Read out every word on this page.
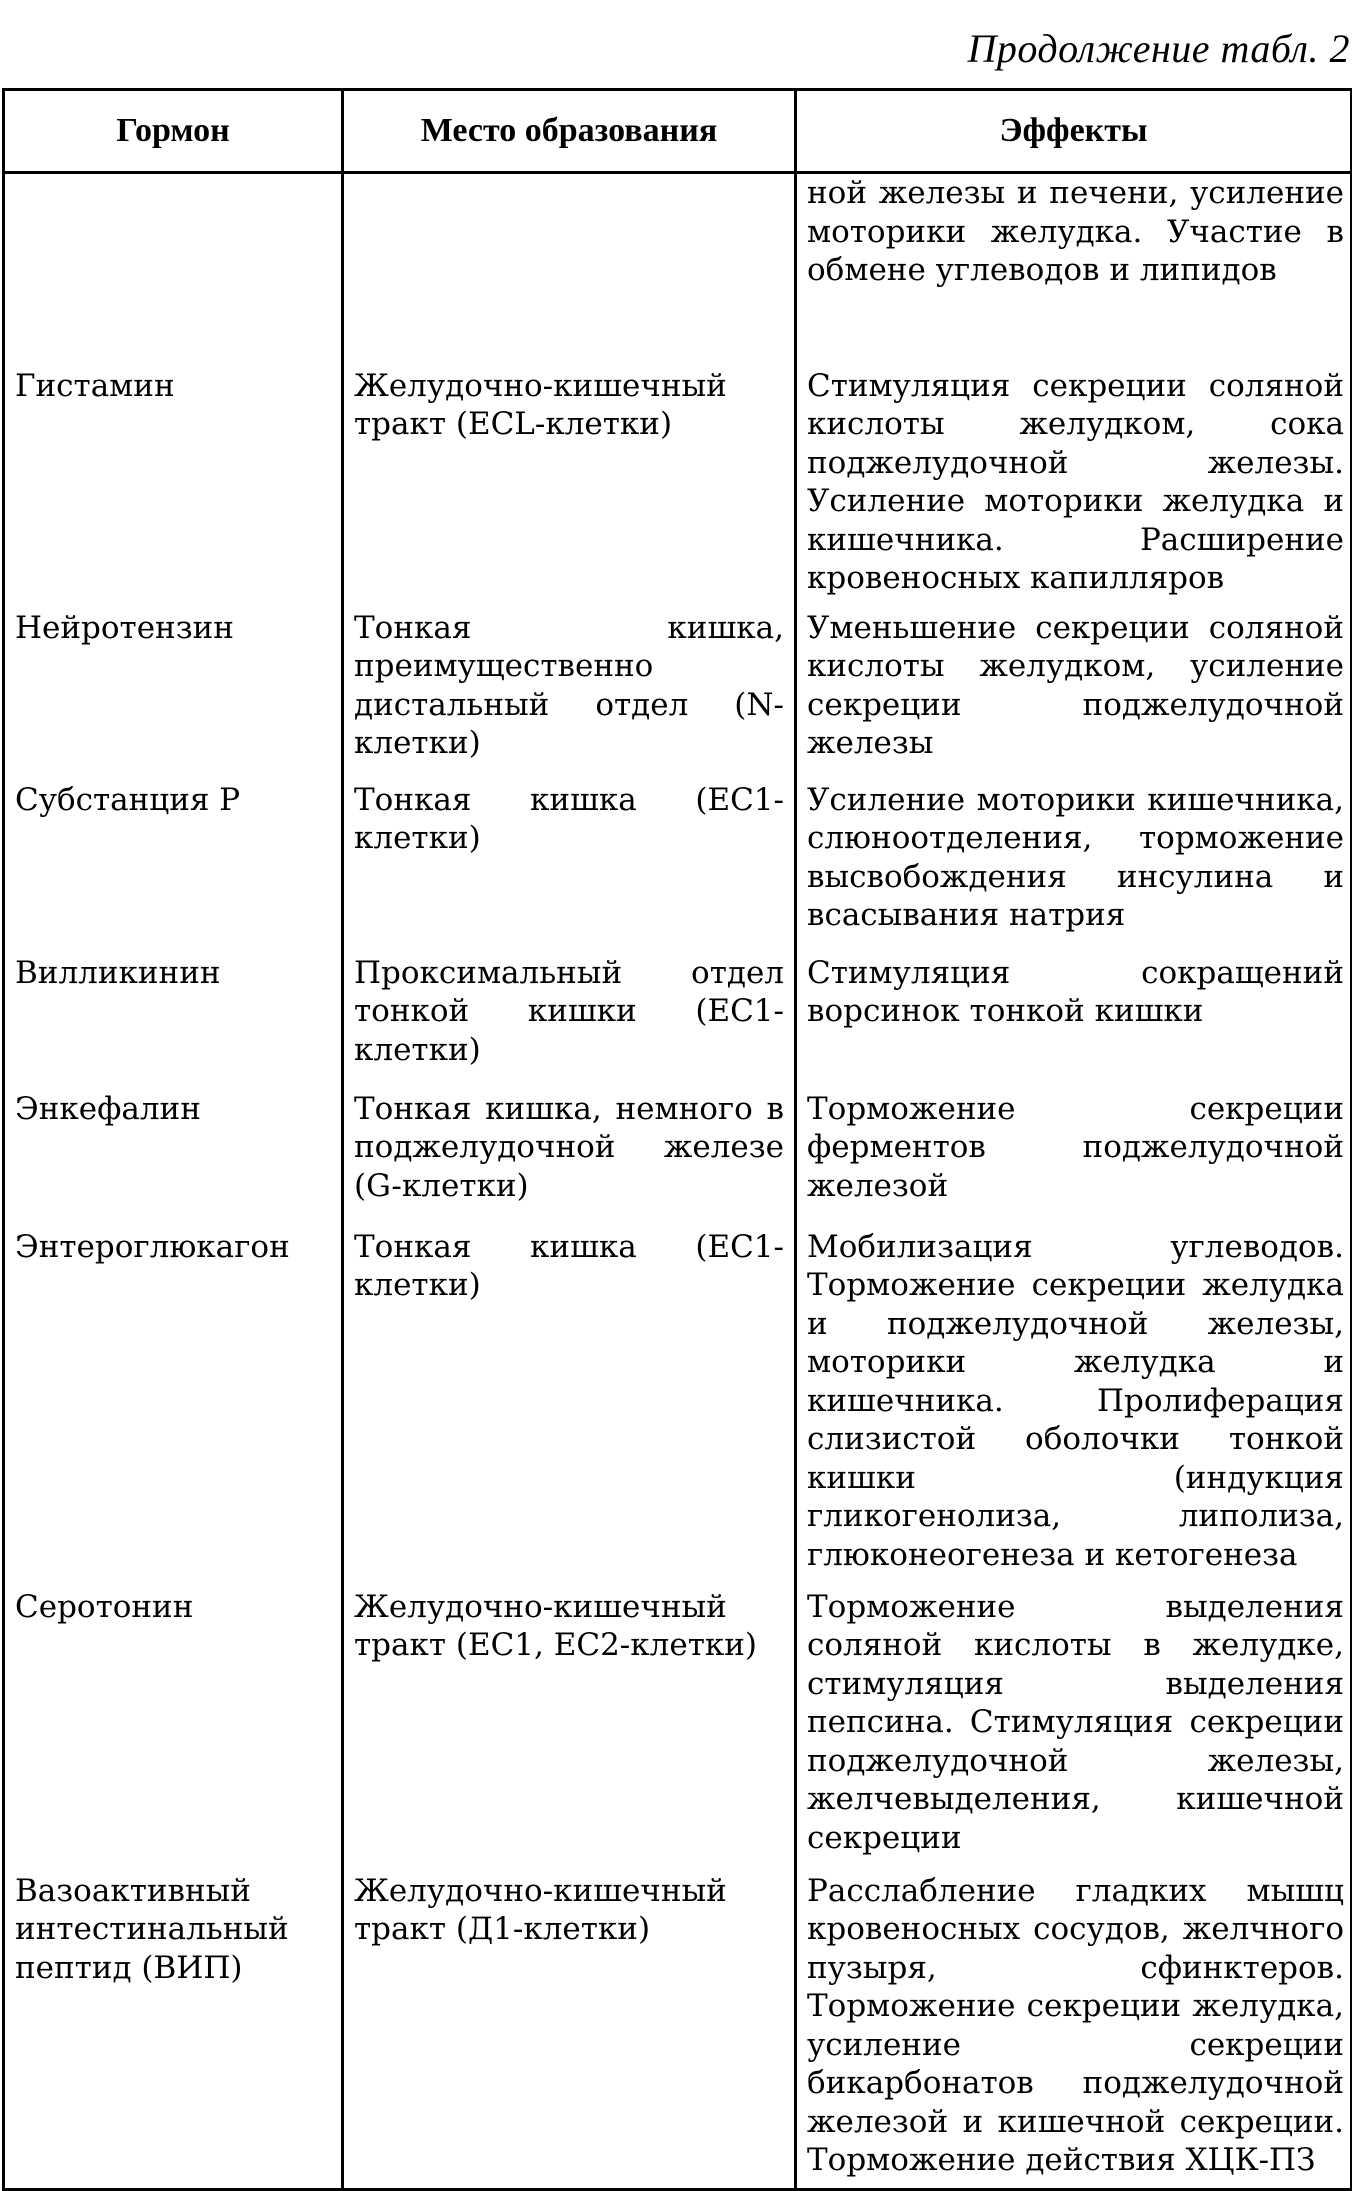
Продолжение табл. 2
Гормон	Место образования	Эффекты
		ной железы и печени, усиление моторики желудка. Участие в обмене углеводов и липидов
Гистамин	Желудочно-кишечный тракт (ECL-клетки)	Стимуляция секреции соляной кислоты желудком, сока поджелудочной железы. Усиление моторики желудка и кишечника. Расширение кровеносных капилляров
Нейротензин	Тонкая кишка, преимущественно дистальный отдел (N-клетки)	Уменьшение секреции соляной кислоты желудком, усиление секреции поджелудочной железы
Субстанция Р	Тонкая кишка (EC1-клетки)	Усиление моторики кишечника, слюноотделения, торможение высвобождения инсулина и всасывания натрия
Вилликинин	Проксимальный отдел тонкой кишки (EC1-клетки)	Стимуляция сокращений ворсинок тонкой кишки
Энкефалин	Тонкая кишка, немного в поджелудочной железе (G-клетки)	Торможение секреции ферментов поджелудочной железой
Энтероглюкагон	Тонкая кишка (EC1-клетки)	Мобилизация углеводов. Торможение секреции желудка и поджелудочной железы, моторики желудка и кишечника. Пролиферация слизистой оболочки тонкой кишки (индукция гликогенолиза, липолиза, глюконеогенеза и кетогенеза
Серотонин	Желудочно-кишечный тракт (EC1, EC2-клетки)	Торможение выделения соляной кислоты в желудке, стимуляция выделения пепсина. Стимуляция секреции поджелудочной железы, желчевыделения, кишечной секреции
Вазоактивный интестинальный пептид (ВИП)	Желудочно-кишечный тракт (Д1-клетки)	Расслабление гладких мышц кровеносных сосудов, желчного пузыря, сфинктеров. Торможение секреции желудка, усиление секреции бикарбонатов поджелудочной железой и кишечной секреции. Торможение действия ХЦК-ПЗ
